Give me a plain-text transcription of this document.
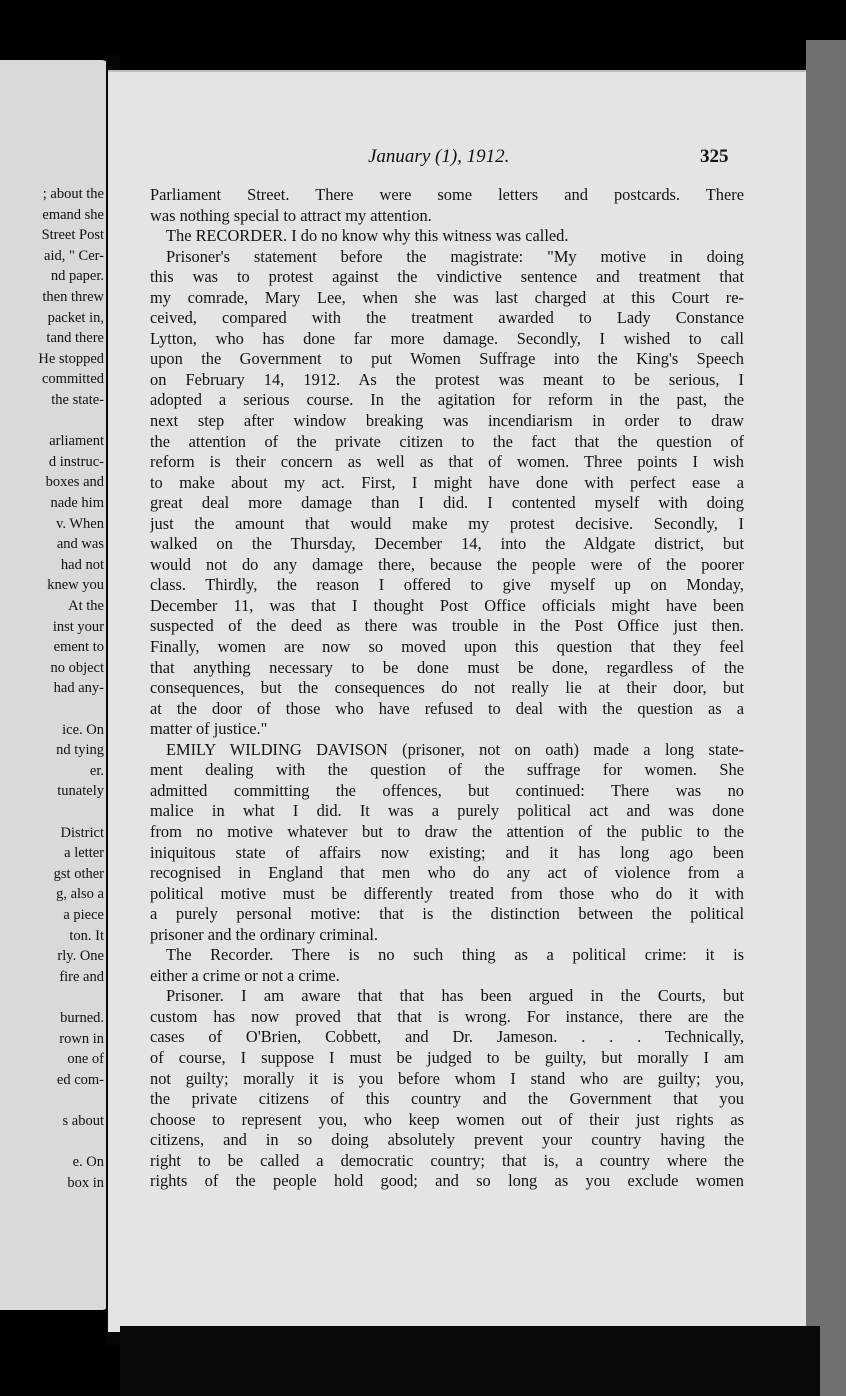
; about the
emand she
Street Post
aid, " Cer-
nd paper.
then threw
packet in,
tand there
He stopped
committed
the state-
arliament
d instruc-
boxes and
nade him
v. When
and was
had not
knew you
At the
inst your
ement to
no object
had any-
ice. On
nd tying
er.
tunately
District
a letter
gst other
g, also a
a piece
ton. It
rly. One
fire and
burned.
rown in
one of
ed com-
s about
e. On
box in
January (1), 1912.	325
Parliament Street. There were some letters and postcards. There
was nothing special to attract my attention.
The RECORDER. I do no know why this witness was called.
Prisoner's statement before the magistrate: "My motive in doing
this was to protest against the vindictive sentence and treatment that
my comrade, Mary Lee, when she was last charged at this Court re-
ceived, compared with the treatment awarded to Lady Constance
Lytton, who has done far more damage. Secondly, I wished to call
upon the Government to put Women Suffrage into the King's Speech
on February 14, 1912. As the protest was meant to be serious, I
adopted a serious course. In the agitation for reform in the past, the
next step after window breaking was incendiarism in order to draw
the attention of the private citizen to the fact that the question of
reform is their concern as well as that of women. Three points I wish
to make about my act. First, I might have done with perfect ease a
great deal more damage than I did. I contented myself with doing
just the amount that would make my protest decisive. Secondly, I
walked on the Thursday, December 14, into the Aldgate district, but
would not do any damage there, because the people were of the poorer
class. Thirdly, the reason I offered to give myself up on Monday,
December 11, was that I thought Post Office officials might have been
suspected of the deed as there was trouble in the Post Office just then.
Finally, women are now so moved upon this question that they feel
that anything necessary to be done must be done, regardless of the
consequences, but the consequences do not really lie at their door, but
at the door of those who have refused to deal with the question as a
matter of justice."
EMILY WILDING DAVISON (prisoner, not on oath) made a long state-
ment dealing with the question of the suffrage for women. She
admitted committing the offences, but continued: There was no
malice in what I did. It was a purely political act and was done
from no motive whatever but to draw the attention of the public to the
iniquitous state of affairs now existing; and it has long ago been
recognised in England that men who do any act of violence from a
political motive must be differently treated from those who do it with
a purely personal motive: that is the distinction between the political
prisoner and the ordinary criminal.
The Recorder. There is no such thing as a political crime: it is
either a crime or not a crime.
Prisoner. I am aware that that has been argued in the Courts, but
custom has now proved that that is wrong. For instance, there are the
cases of O'Brien, Cobbett, and Dr. Jameson. . . . Technically,
of course, I suppose I must be judged to be guilty, but morally I am
not guilty; morally it is you before whom I stand who are guilty; you,
the private citizens of this country and the Government that you
choose to represent you, who keep women out of their just rights as
citizens, and in so doing absolutely prevent your country having the
right to be called a democratic country; that is, a country where the
rights of the people hold good; and so long as you exclude women
